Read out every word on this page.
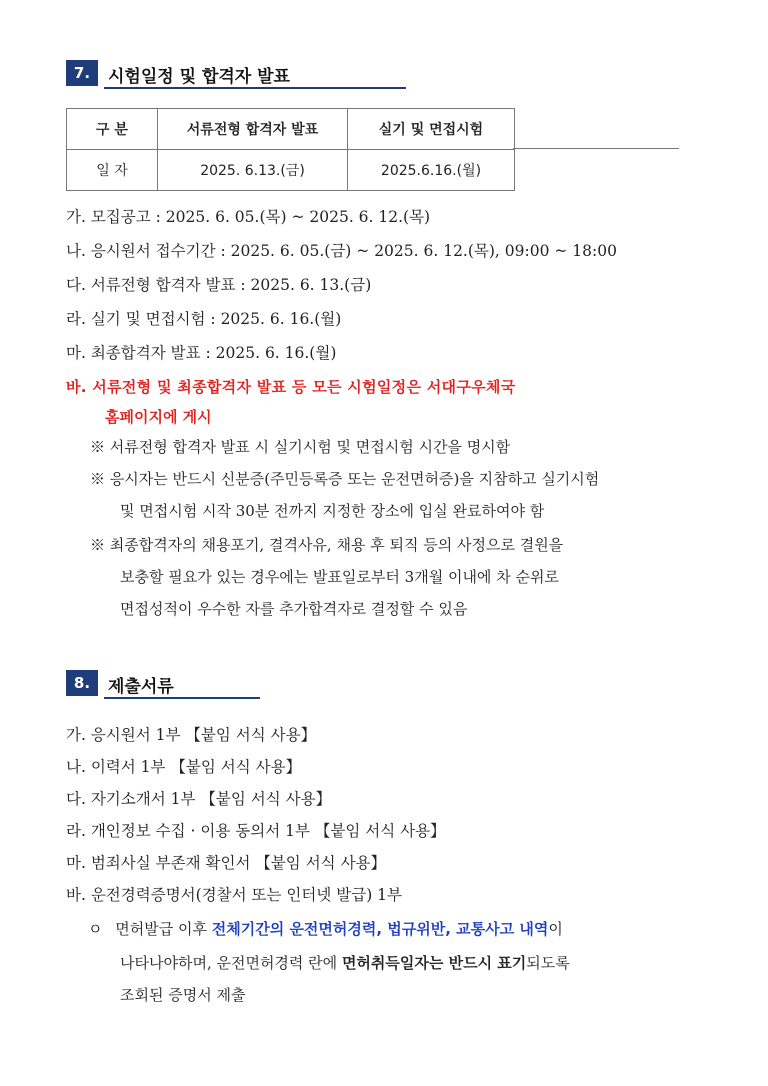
7.	시험일정 및 합격자 발표
구 분	서류전형 합격자 발표	실기 및 면접시험
일 자	2025. 6.13.(금)	2025.6.16.(월)
가. 모집공고 : 2025. 6. 05.(목) ~ 2025. 6. 12.(목)
나. 응시원서 접수기간 : 2025. 6. 05.(금) ~ 2025. 6. 12.(목), 09:00 ~ 18:00
다. 서류전형 합격자 발표 : 2025. 6. 13.(금)
라. 실기 및 면접시험 : 2025. 6. 16.(월)
마. 최종합격자 발표 : 2025. 6. 16.(월)
바. 서류전형 및 최종합격자 발표 등 모든 시험일정은 서대구우체국
홈페이지에 게시
※ 서류전형 합격자 발표 시 실기시험 및 면접시험 시간을 명시함
※ 응시자는 반드시 신분증(주민등록증 또는 운전면허증)을 지참하고 실기시험
및 면접시험 시작 30분 전까지 지정한 장소에 입실 완료하여야 함
※ 최종합격자의 채용포기, 결격사유, 채용 후 퇴직 등의 사정으로 결원을
보충할 필요가 있는 경우에는 발표일로부터 3개월 이내에 차 순위로
면접성적이 우수한 자를 추가합격자로 결정할 수 있음
8.	제출서류
가. 응시원서 1부 【붙임 서식 사용】
나. 이력서 1부 【붙임 서식 사용】
다. 자기소개서 1부 【붙임 서식 사용】
라. 개인정보 수집 · 이용 동의서 1부 【붙임 서식 사용】
마. 범죄사실 부존재 확인서 【붙임 서식 사용】
바. 운전경력증명서(경찰서 또는 인터넷 발급) 1부
ㅇ 면허발급 이후 전체기간의 운전면허경력, 법규위반, 교통사고 내역이
나타나야하며, 운전면허경력 란에 면허취득일자는 반드시 표기되도록
조회된 증명서 제출
